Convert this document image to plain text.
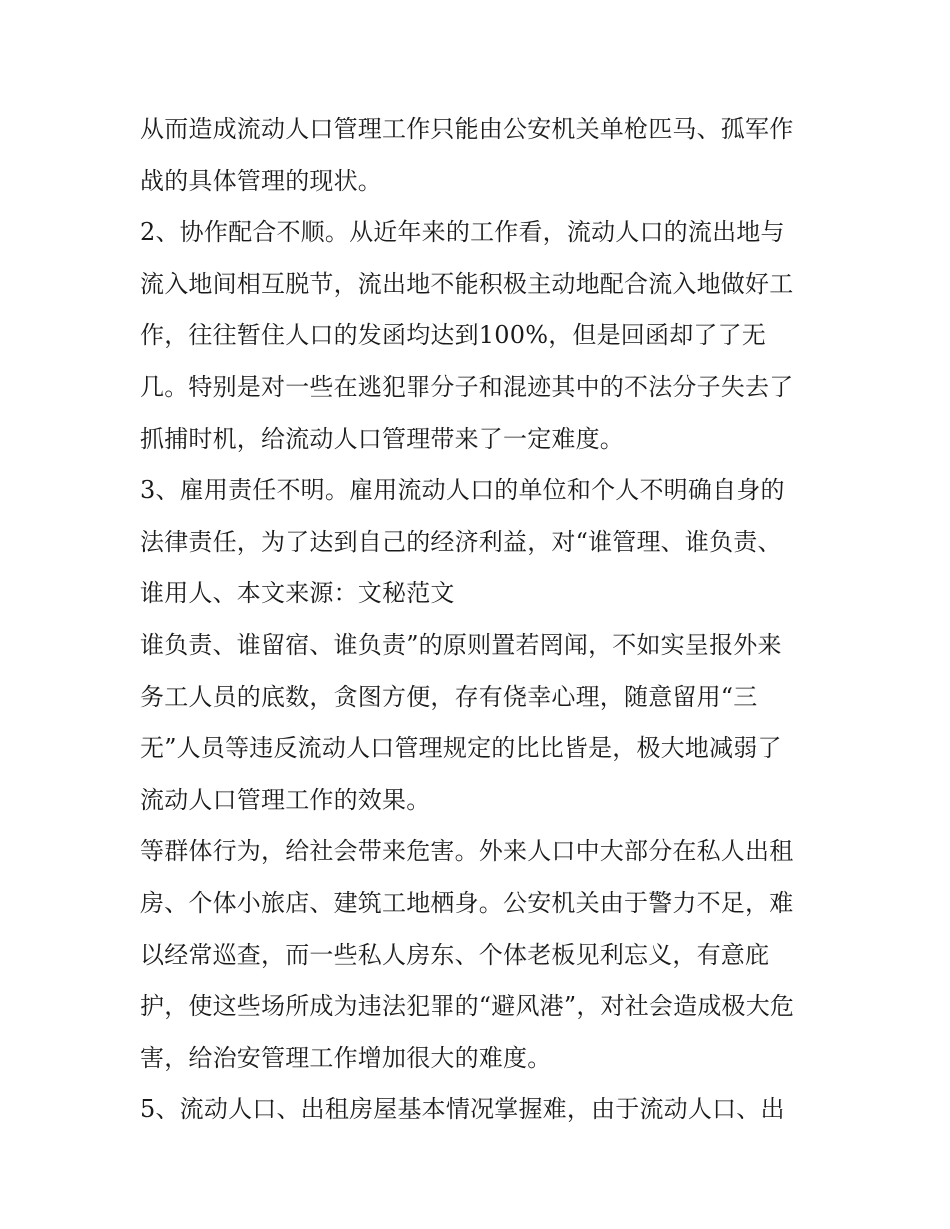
从而造成流动人口管理工作只能由公安机关单枪匹马、孤军作
战的具体管理的现状。
2、协作配合不顺。从近年来的工作看，流动人口的流出地与
流入地间相互脱节，流出地不能积极主动地配合流入地做好工
作，往往暂住人口的发函均达到100%，但是回函却了了无
几。特别是对一些在逃犯罪分子和混迹其中的不法分子失去了
抓捕时机，给流动人口管理带来了一定难度。
3、雇用责任不明。雇用流动人口的单位和个人不明确自身的
法律责任，为了达到自己的经济利益，对“谁管理、谁负责、
谁用人、本文来源：文秘范文
谁负责、谁留宿、谁负责”的原则置若罔闻，不如实呈报外来
务工人员的底数，贪图方便，存有侥幸心理，随意留用“三
无”人员等违反流动人口管理规定的比比皆是，极大地减弱了
流动人口管理工作的效果。
等群体行为，给社会带来危害。外来人口中大部分在私人出租
房、个体小旅店、建筑工地栖身。公安机关由于警力不足，难
以经常巡查，而一些私人房东、个体老板见利忘义，有意庇
护，使这些场所成为违法犯罪的“避风港”，对社会造成极大危
害，给治安管理工作增加很大的难度。
5、流动人口、出租房屋基本情况掌握难，由于流动人口、出
